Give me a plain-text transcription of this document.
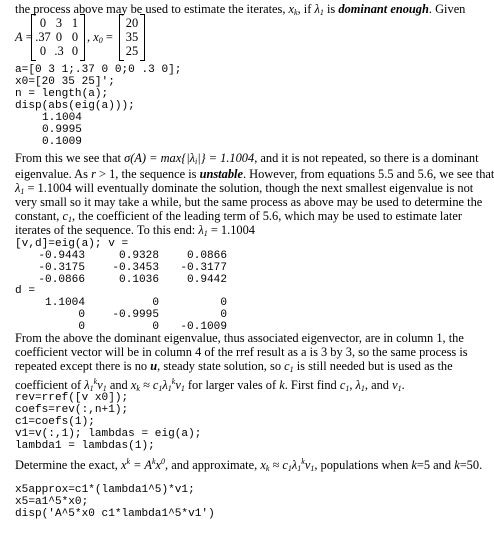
the process above may be used to estimate the iterates, $x_k$, if $\lambda_1$ is dominant enough. Given
A =
0 3 1
.37 0 0
0 .3 0
, $x_0$ =
20
35
25
a=[0 3 1;.37 0 0;0 .3 0];
x0=[20 35 25]';
n = length(a);
disp(abs(eig(a)));
1.1004
0.9995
0.1009
From this we see that $\sigma(A) = \max\{|\lambda_i|\} = 1.1004$, and it is not repeated, so there is a dominant
eigenvalue. As r > 1, the sequence is unstable. However, from equations 5.5 and 5.6, we see that
$\lambda_1 = 1.1004$ will eventually dominate the solution, though the next smallest eigenvalue is not
very small so it may take a while, but the same process as above may be used to determine the
constant, $c_1$, the coefficient of the leading term of 5.6, which may be used to estimate later
iterates of the sequence. To this end: $\lambda_1 = 1.1004$
[v,d]=eig(a); v =
-0.9443	0.9328	0.0866
-0.3175	-0.3453	-0.3177
-0.0866	0.1036	0.9442
d =
1.1004	0	0
0	-0.9995	0
0	0	-0.1009
From the above the dominant eigenvalue, thus associated eigenvector, are in column 1, the
coefficient vector will be in column 4 of the rref result as a is 3 by 3, so the same process is
repeated except there is no u, steady state solution, so $c_1$ is still needed but is used as the
coefficient of $\lambda_1^kv_1$ and $x_k \approx c_1\lambda_1^kv_1$ for larger vales of k. First find $c_1$, $\lambda_1$, and $v_1$.
rev=rref([v x0]);
coefs=rev(:,n+1);
c1=coefs(1);
v1=v(:,1); lambdas = eig(a);
lambda1 = lambdas(1);
Determine the exact, $x^k = A^kx^0$, and approximate, $x_k \approx c_1\lambda_1^kv_1$, populations when k=5 and k=50.
x5approx=c1*(lambda1^5)*v1;
x5=a1^5*x0;
disp('A^5*x0 c1*lambda1^5*v1')
